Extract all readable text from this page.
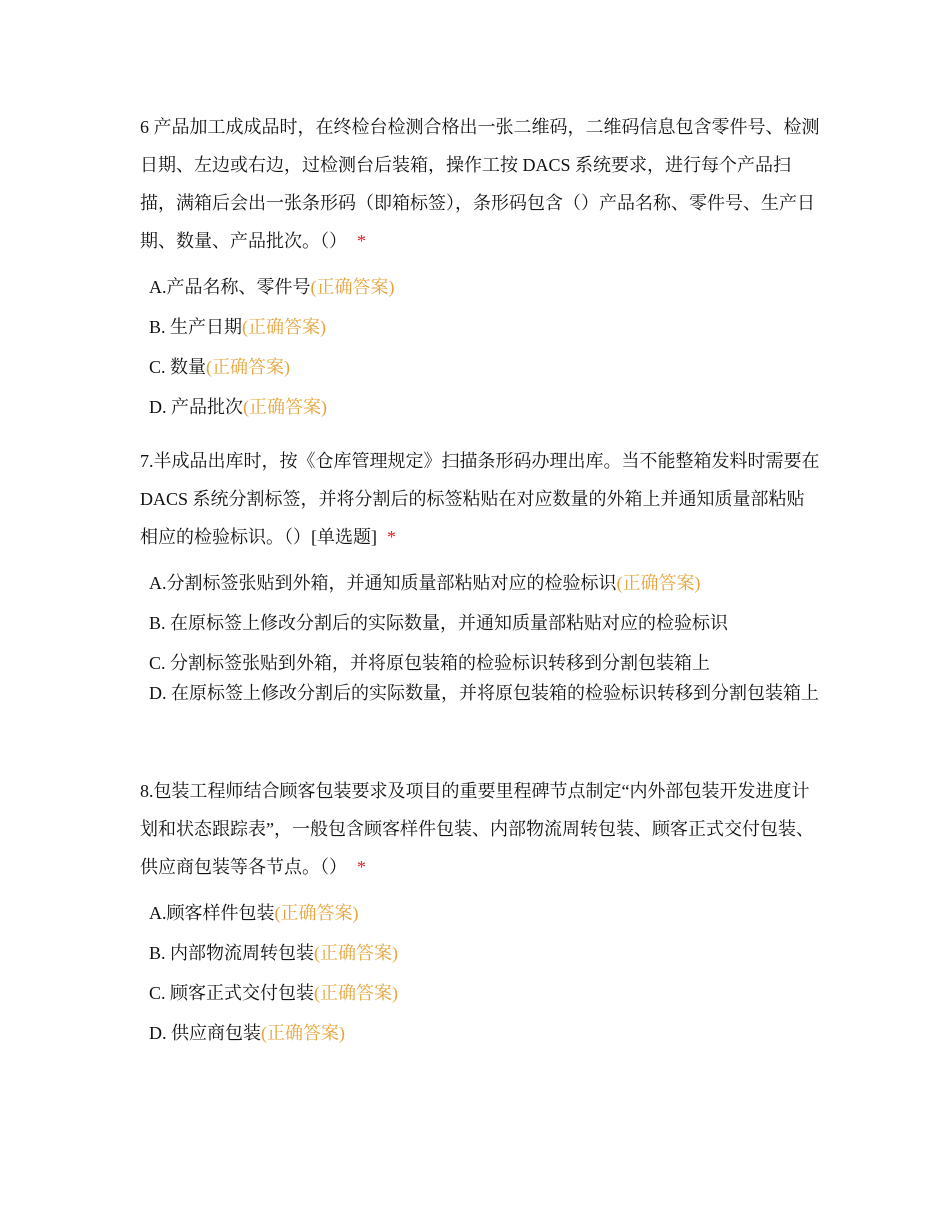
6 产品加工成成品时，在终检台检测合格出一张二维码，二维码信息包含零件号、检测日期、左边或右边，过检测台后装箱，操作工按 DACS 系统要求，进行每个产品扫描，满箱后会出一张条形码（即箱标签），条形码包含（）产品名称、零件号、生产日期、数量、产品批次。（） *

A.产品名称、零件号(正确答案)
B. 生产日期(正确答案)
C. 数量(正确答案)
D. 产品批次(正确答案)

7.半成品出库时，按《仓库管理规定》扫描条形码办理出库。当不能整箱发料时需要在 DACS 系统分割标签，并将分割后的标签粘贴在对应数量的外箱上并通知质量部粘贴相应的检验标识。（）[单选题] *

A.分割标签张贴到外箱，并通知质量部粘贴对应的检验标识(正确答案)
B. 在原标签上修改分割后的实际数量，并通知质量部粘贴对应的检验标识
C. 分割标签张贴到外箱，并将原包装箱的检验标识转移到分割包装箱上
D. 在原标签上修改分割后的实际数量，并将原包装箱的检验标识转移到分割包装箱上

8.包装工程师结合顾客包装要求及项目的重要里程碑节点制定“内外部包装开发进度计划和状态跟踪表”，一般包含顾客样件包装、内部物流周转包装、顾客正式交付包装、供应商包装等各节点。（） *

A.顾客样件包装(正确答案)
B. 内部物流周转包装(正确答案)
C. 顾客正式交付包装(正确答案)
D. 供应商包装(正确答案)
